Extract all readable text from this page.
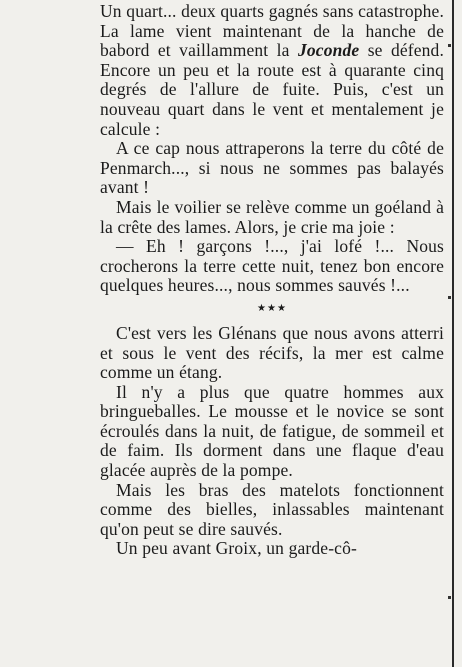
Un quart... deux quarts gagnés sans catastrophe. La lame vient maintenant de la hanche de babord et vaillamment la Joconde se défend. Encore un peu et la route est à quarante cinq degrés de l'allure de fuite. Puis, c'est un nouveau quart dans le vent et mentalement je calcule :

A ce cap nous attraperons la terre du côté de Penmarch..., si nous ne sommes pas balayés avant !

Mais le voilier se relève comme un goéland à la crête des lames. Alors, je crie ma joie :

— Eh ! garçons !..., j'ai lofé !... Nous crocherons la terre cette nuit, tenez bon encore quelques heures..., nous sommes sauvés !...

★★★

C'est vers les Glénans que nous avons atterri et sous le vent des récifs, la mer est calme comme un étang.

Il n'y a plus que quatre hommes aux bringueballes. Le mousse et le novice se sont écroulés dans la nuit, de fatigue, de sommeil et de faim. Ils dorment dans une flaque d'eau glacée auprès de la pompe.

Mais les bras des matelots fonctionnent comme des bielles, inlassables maintenant qu'on peut se dire sauvés.

Un peu avant Groix, un garde-cô-
